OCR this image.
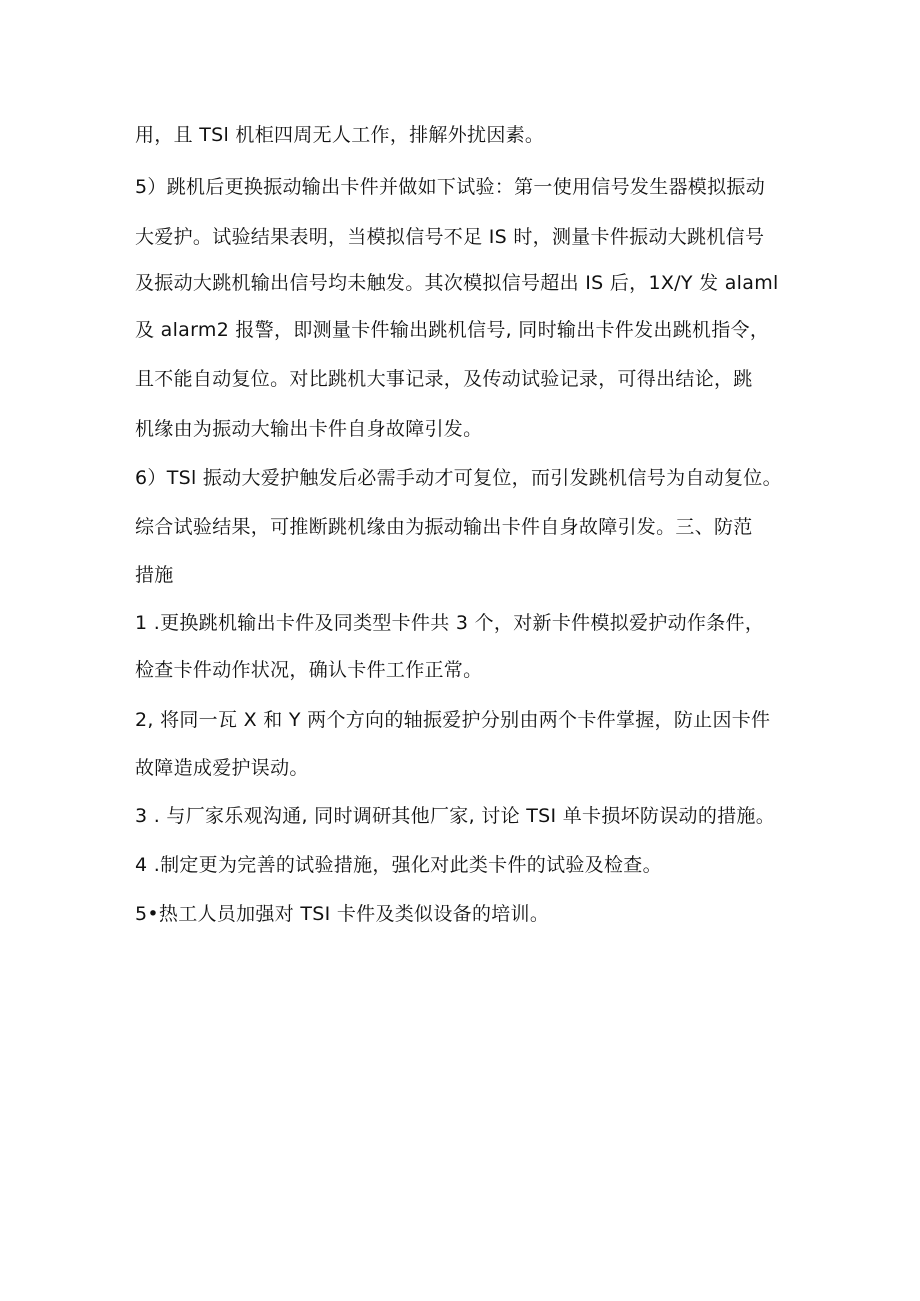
用，且 TSl 机柜四周无人工作，排解外扰因素。
5）跳机后更换振动输出卡件并做如下试验：第一使用信号发生器模拟振动
大爱护。试验结果表明，当模拟信号不足 IS 时，测量卡件振动大跳机信号
及振动大跳机输出信号均未触发。其次模拟信号超出 IS 后，1X/Y 发 alaml
及 alarm2 报警，即测量卡件输出跳机信号, 同时输出卡件发出跳机指令，
且不能自动复位。对比跳机大事记录，及传动试验记录，可得出结论，跳
机缘由为振动大输出卡件自身故障引发。
6）TSl 振动大爱护触发后必需手动才可复位，而引发跳机信号为自动复位。
综合试验结果，可推断跳机缘由为振动输出卡件自身故障引发。三、防范
措施
1 .更换跳机输出卡件及同类型卡件共 3 个，对新卡件模拟爱护动作条件，
检查卡件动作状况，确认卡件工作正常。
2, 将同一瓦 X 和 Y 两个方向的轴振爱护分别由两个卡件掌握，防止因卡件
故障造成爱护误动。
3 . 与厂家乐观沟通, 同时调研其他厂家, 讨论 TSI 单卡损坏防误动的措施。
4 .制定更为完善的试验措施，强化对此类卡件的试验及检查。
5•热工人员加强对 TSI 卡件及类似设备的培训。
